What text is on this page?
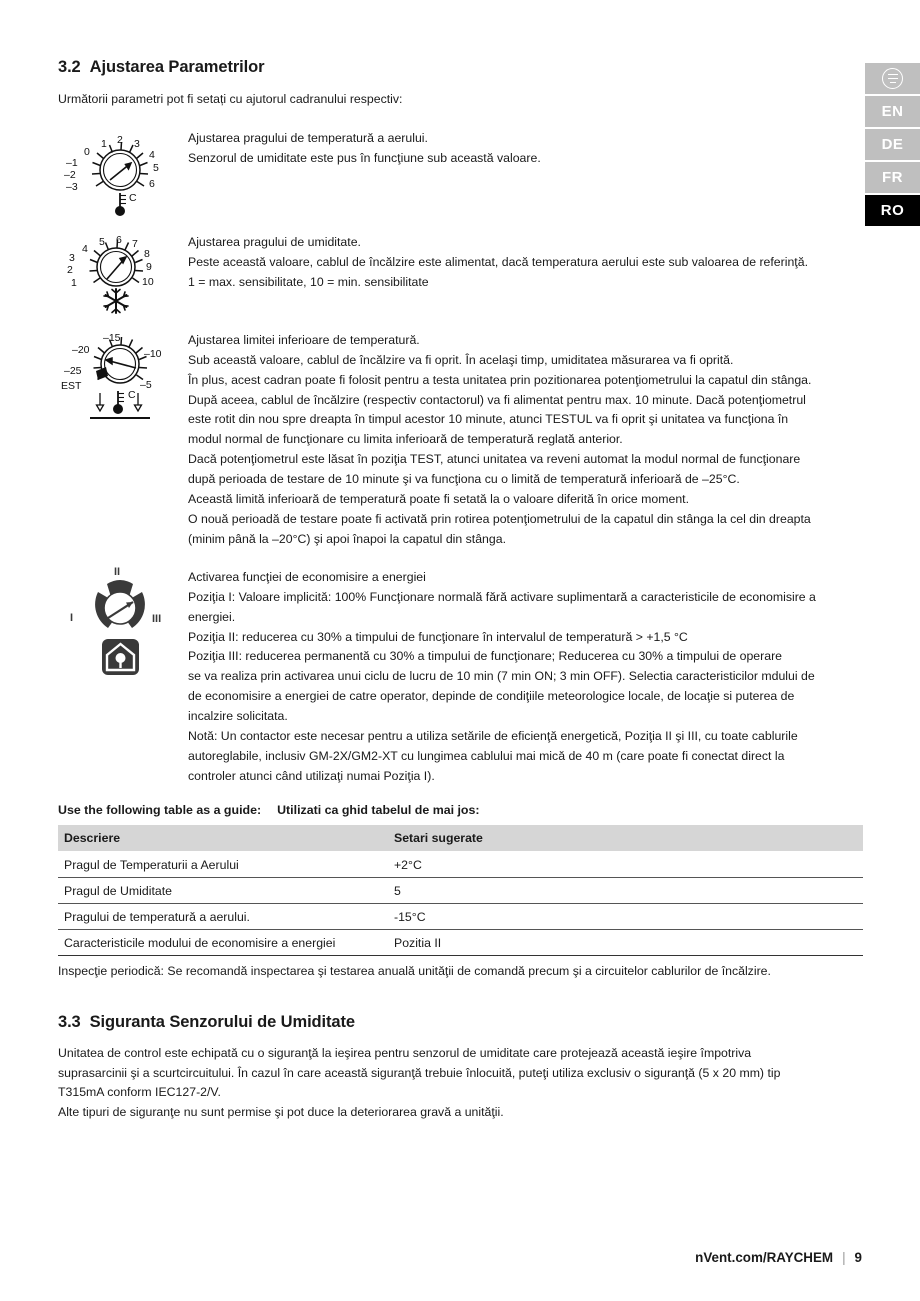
EN
DE
FR
RO
3.2 Ajustarea Parametrilor

Următorii parametri pot fi setați cu ajutorul cadranului respectiv:

0
1 2 3
4
5
6
–1
–2
–3
C

Ajustarea pragului de temperatură a aerului.

Senzorul de umiditate este pus în funcţiune sub această valoare.

4
5 6 7
8
9
10
3
2
1

Ajustarea pragului de umiditate.

Peste această valoare, cablul de încălzire este alimentat, dacă temperatura aerului este sub valoarea de referinţă.

1 = max. sensibilitate, 10 = min. sensibilitate

–15
–20
–25
–10
–5
EST
C

Ajustarea limitei inferioare de temperatură.

Sub această valoare, cablul de încălzire va fi oprit. În acelaşi timp, umiditatea măsurarea va fi oprită.

În plus, acest cadran poate fi folosit pentru a testa unitatea prin pozitionarea potenţiometrului la capatul din stânga.

După aceea, cablul de încălzire (respectiv contactorul) va fi alimentat pentru max. 10 minute. Dacă potenţiometrul

este rotit din nou spre dreapta în timpul acestor 10 minute, atunci TESTUL va fi oprit şi unitatea va funcţiona în

modul normal de funcţionare cu limita inferioară de temperatură reglată anterior.

Dacă potenţiometrul este lăsat în poziţia TEST, atunci unitatea va reveni automat la modul normal de funcţionare

după perioada de testare de 10 minute şi va funcţiona cu o limită de temperatură inferioară de –25°C.

Această limită inferioară de temperatură poate fi setată la o valoare diferită în orice moment.

O nouă perioadă de testare poate fi activată prin rotirea potenţiometrului de la capatul din stânga la cel din dreapta

(minim până la –20°C) şi apoi înapoi la capatul din stânga.

II
I	III

Activarea funcţiei de economisire a energiei

Poziţia I: Valoare implicită: 100% Funcţionare normală fără activare suplimentară a caracteristicile de economisire a

energiei.

Poziţia II: reducerea cu 30% a timpului de funcţionare în intervalul de temperatură > +1,5 °C

Poziţia III: reducerea permanentă cu 30% a timpului de funcţionare; Reducerea cu 30% a timpului de operare

se va realiza prin activarea unui ciclu de lucru de 10 min (7 min ON; 3 min OFF). Selectia caracteristicilor mdului de

de economisire a energiei de catre operator, depinde de condiţiile meteorologice locale, de locaţie si puterea de

incalzire solicitata.

Notă: Un contactor este necesar pentru a utiliza setările de eficienţă energetică, Poziţia II şi III, cu toate cablurile

autoreglabile, inclusiv GM-2X/GM2-XT cu lungimea cablului mai mică de 40 m (care poate fi conectat direct la

controler atunci când utilizaţi numai Poziţia I).

Use the following table as a guide: Utilizati ca ghid tabelul de mai jos:

Descriere	Setari sugerate
Pragul de Temperaturii a Aerului	+2°C
Pragul de Umiditate	5
Pragului de temperatură a aerului.	-15°C
Caracteristicile modului de economisire a energiei	Pozitia II

Inspecţie periodică: Se recomandă inspectarea şi testarea anuală unităţii de comandă precum şi a circuitelor cablurilor de încălzire.

3.3 Siguranta Senzorului de Umiditate

Unitatea de control este echipată cu o siguranţă la ieşirea pentru senzorul de umiditate care protejează această ieşire împotriva

suprasarcinii şi a scurtcircuitului. În cazul în care această siguranţă trebuie înlocuită, puteţi utiliza exclusiv o siguranţă (5 x 20 mm) tip

T315mA conform IEC127-2/V.

Alte tipuri de siguranţe nu sunt permise şi pot duce la deteriorarea gravă a unităţii.

nVent.com/RAYCHEM | 9
